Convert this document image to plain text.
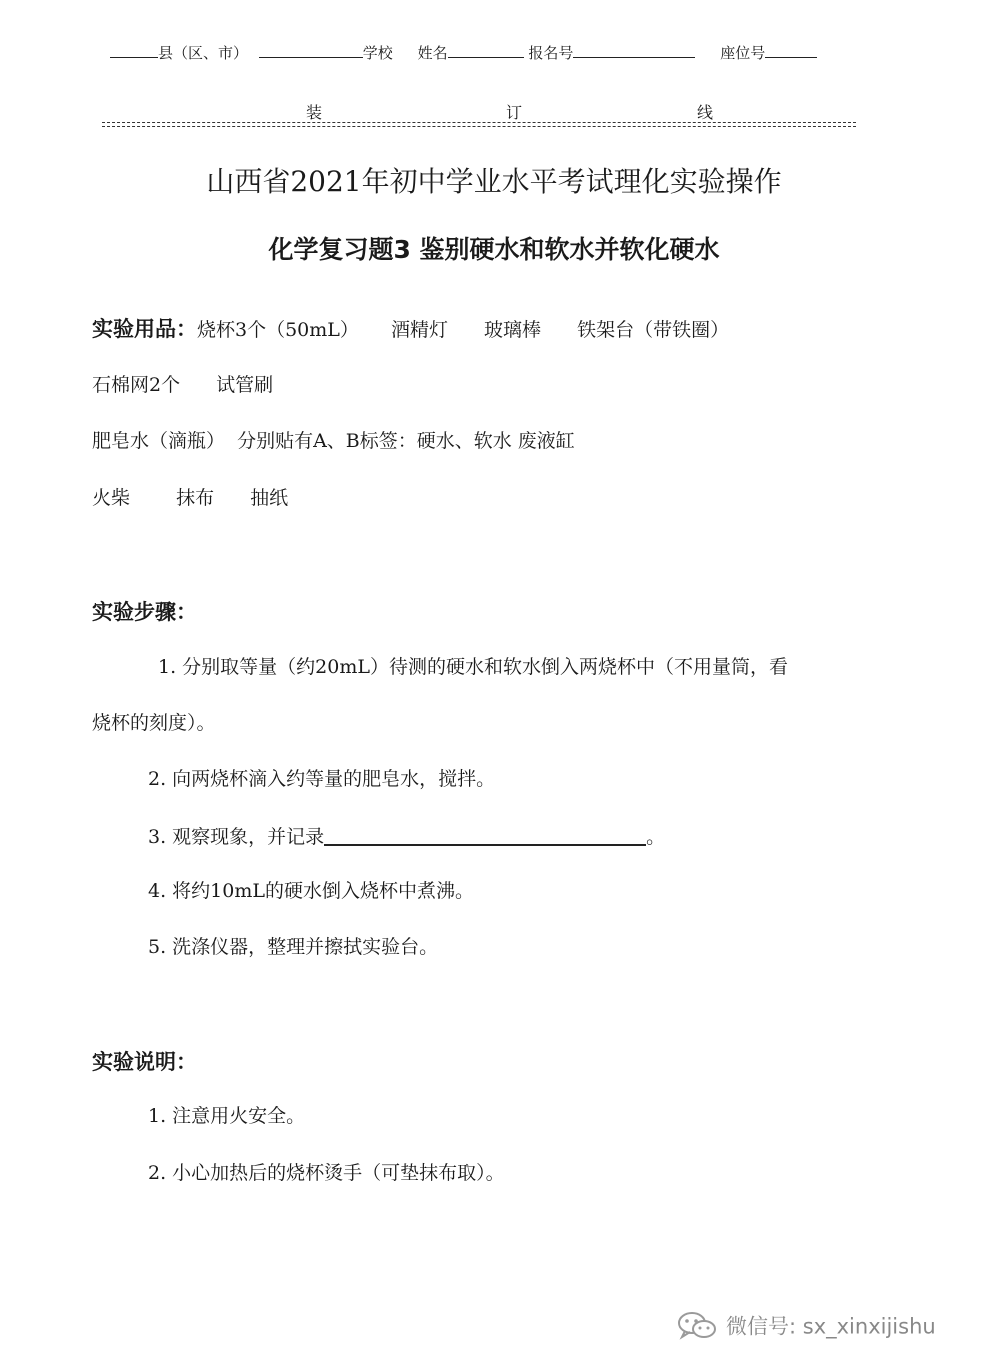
县（区、市）	学校 姓名	报名号	座位号
装	订	线
山西省2021年初中学业水平考试理化实验操作
化学复习题3 鉴别硬水和软水并软化硬水
实验用品：烧杯3个（50mL） 酒精灯 玻璃棒 铁架台（带铁圈）
石棉网2个 试管刷
肥皂水（滴瓶）  分别贴有A、B标签：硬水、软水 废液缸
火柴 抹布 抽纸
实验步骤：
1. 分别取等量（约20mL）待测的硬水和软水倒入两烧杯中（不用量筒，看
烧杯的刻度）。
2. 向两烧杯滴入约等量的肥皂水，搅拌。
3. 观察现象，并记录	。
4. 将约10mL的硬水倒入烧杯中煮沸。
5. 洗涤仪器，整理并擦拭实验台。
实验说明：
1. 注意用火安全。
2. 小心加热后的烧杯烫手（可垫抹布取）。
微信号: sx_xinxijishu
